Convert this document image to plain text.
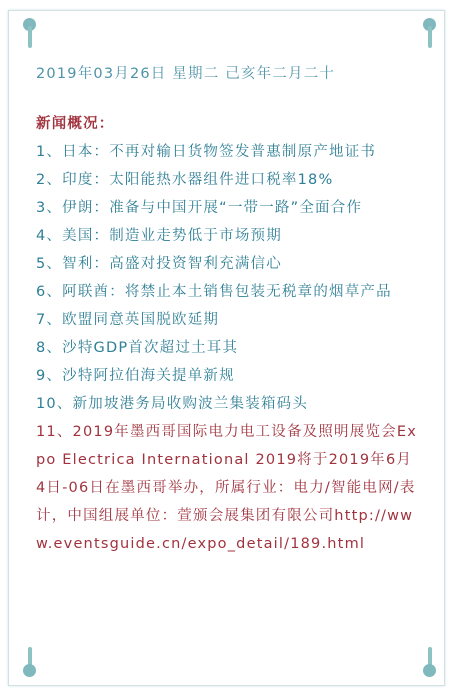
2019年03月26日 星期二 己亥年二月二十
新闻概况：
1、日本：不再对输日货物签发普惠制原产地证书
2、印度：太阳能热水器组件进口税率18%
3、伊朗：准备与中国开展“一带一路”全面合作
4、美国：制造业走势低于市场预期
5、智利：高盛对投资智利充满信心
6、阿联酋：将禁止本土销售包装无税章的烟草产品
7、欧盟同意英国脱欧延期
8、沙特GDP首次超过土耳其
9、沙特阿拉伯海关提单新规
10、新加坡港务局收购波兰集装箱码头
11、2019年墨西哥国际电力电工设备及照明展览会Expo Electrica International 2019将于2019年6月4日-06日在墨西哥举办，所属行业：电力/智能电网/表计，中国组展单位：萱颁会展集团有限公司http://www.eventsguide.cn/expo_detail/189.html
